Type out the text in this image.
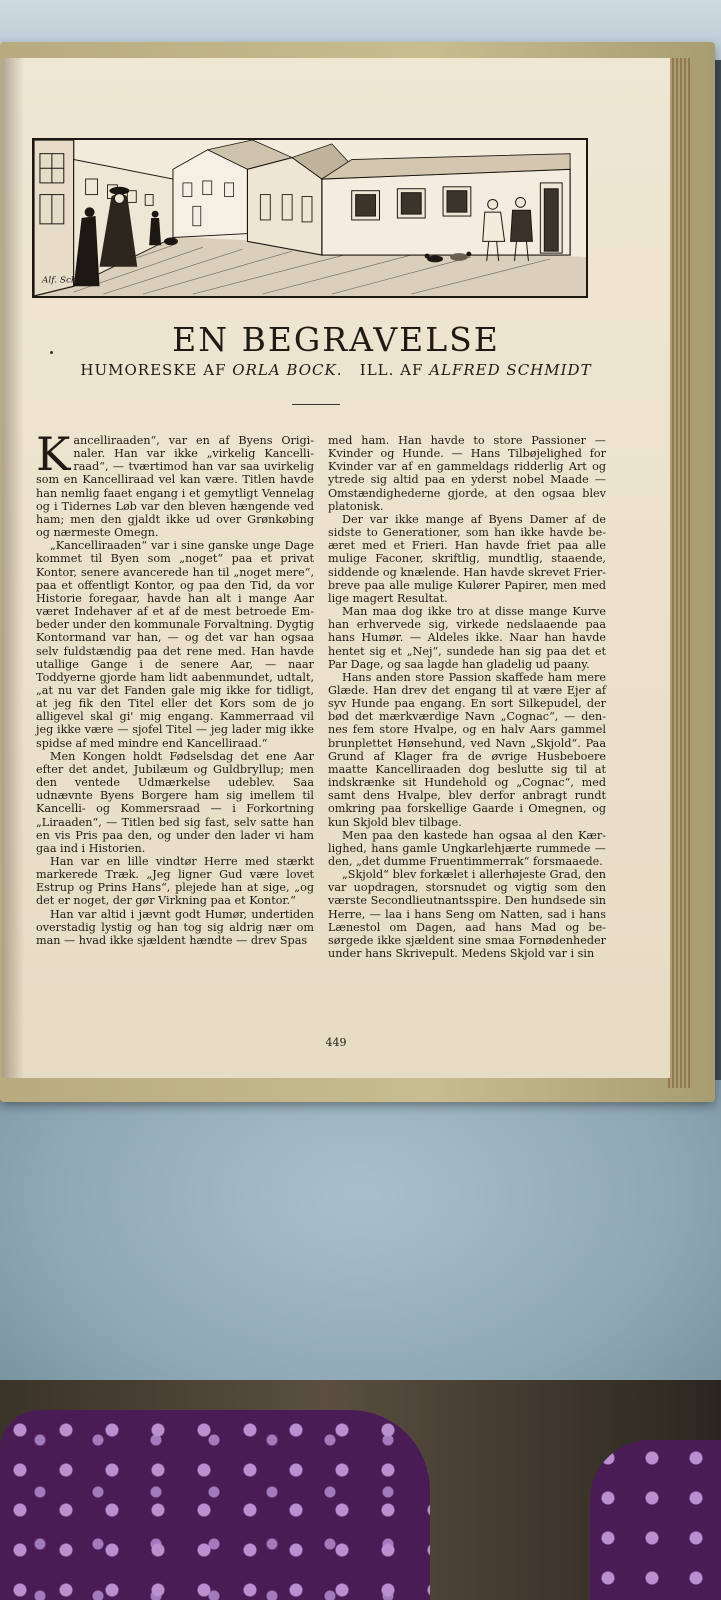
Alf. Sch.
EN BEGRAVELSE
HUMORESKE AF ORLA BOCK. ILL. AF ALFRED SCHMIDT

Kancelliraaden“, var en af Byens Originaler. Han var ikke „virkelig Kancelliraad“, — tværtimod han var saa uvirkelig som en Kancelliraad vel kan være. Titlen havde han nemlig faaet engang i et gemytligt Vennelag og i Tidernes Løb var den bleven hængende ved ham; men den gjaldt ikke ud over Grønkøbing og nærmeste Omegn.

„Kancelliraaden“ var i sine ganske unge Dage kommet til Byen som „noget“ paa et privat Kontor, senere avancerede han til „noget mere“, paa et offentligt Kontor, og paa den Tid, da vor Historie foregaar, havde han alt i mange Aar været Indehaver af et af de mest betroede Embeder under den kommunale Forvaltning. Dygtig Kontormand var han, — og det var han ogsaa selv fuldstændig paa det rene med. Han havde utallige Gange i de senere Aar, — naar Toddyerne gjorde ham lidt aabenmundet, udtalt, „at nu var det Fanden gale mig ikke for tidligt, at jeg fik den Titel eller det Kors som de jo alligevel skal gi' mig engang. Kammerraad vil jeg ikke være — sjofel Titel — jeg lader mig ikke spidse af med mindre end Kancelliraad.“

Men Kongen holdt Fødselsdag det ene Aar efter det andet, Jubilæum og Guldbryllup; men den ventede Udmærkelse udeblev. Saa udnævnte Byens Borgere ham sig imellem til Kancelli- og Kommersraad — i Forkortning „Liraaden“, — Titlen bed sig fast, selv satte han en vis Pris paa den, og under den lader vi ham gaa ind i Historien.

Han var en lille vindtør Herre med stærkt markerede Træk. „Jeg ligner Gud være lovet Estrup og Prins Hans“, plejede han at sige, „og det er noget, der gør Virkning paa et Kontor.“

Han var altid i jævnt godt Humør, undertiden overstadig lystig og han tog sig aldrig nær om man — hvad ikke sjældent hændte — drev Spas

med ham. Han havde to store Passioner — Kvinder og Hunde. — Hans Tilbøjelighed for Kvinder var af en gammeldags ridderlig Art og ytrede sig altid paa en yderst nobel Maade — Omstændighederne gjorde, at den ogsaa blev platonisk.

Der var ikke mange af Byens Damer af de sidste to Generationer, som han ikke havde beæret med et Frieri. Han havde friet paa alle mulige Faconer, skriftlig, mundtlig, staaende, siddende og knælende. Han havde skrevet Frierbreve paa alle mulige Kulører Papirer, men med lige magert Resultat.

Man maa dog ikke tro at disse mange Kurve han erhvervede sig, virkede nedslaaende paa hans Humør. — Aldeles ikke. Naar han havde hentet sig et „Nej“, sundede han sig paa det et Par Dage, og saa lagde han gladelig ud paany.

Hans anden store Passion skaffede ham mere Glæde. Han drev det engang til at være Ejer af syv Hunde paa engang. En sort Silkepudel, der bød det mærkværdige Navn „Cognac“, — dennes fem store Hvalpe, og en halv Aars gammel brunplettet Hønsehund, ved Navn „Skjold“. Paa Grund af Klager fra de øvrige Husbeboere maatte Kancelliraaden dog beslutte sig til at indskrænke sit Hundehold og „Cognac“, med samt dens Hvalpe, blev derfor anbragt rundt omkring paa forskellige Gaarde i Omegnen, og kun Skjold blev tilbage.

Men paa den kastede han ogsaa al den Kærlighed, hans gamle Ungkarlehjærte rummede — den, „det dumme Fruentimmerrak“ forsmaaede.

„Skjold“ blev forkælet i allerhøjeste Grad, den var uopdragen, storsnudet og vigtig som den værste Secondlieutnantsspire. Den hundsede sin Herre, — laa i hans Seng om Natten, sad i hans Lænestol om Dagen, aad hans Mad og besørgede ikke sjældent sine smaa Fornødenheder under hans Skrivepult. Medens Skjold var i sin

449
